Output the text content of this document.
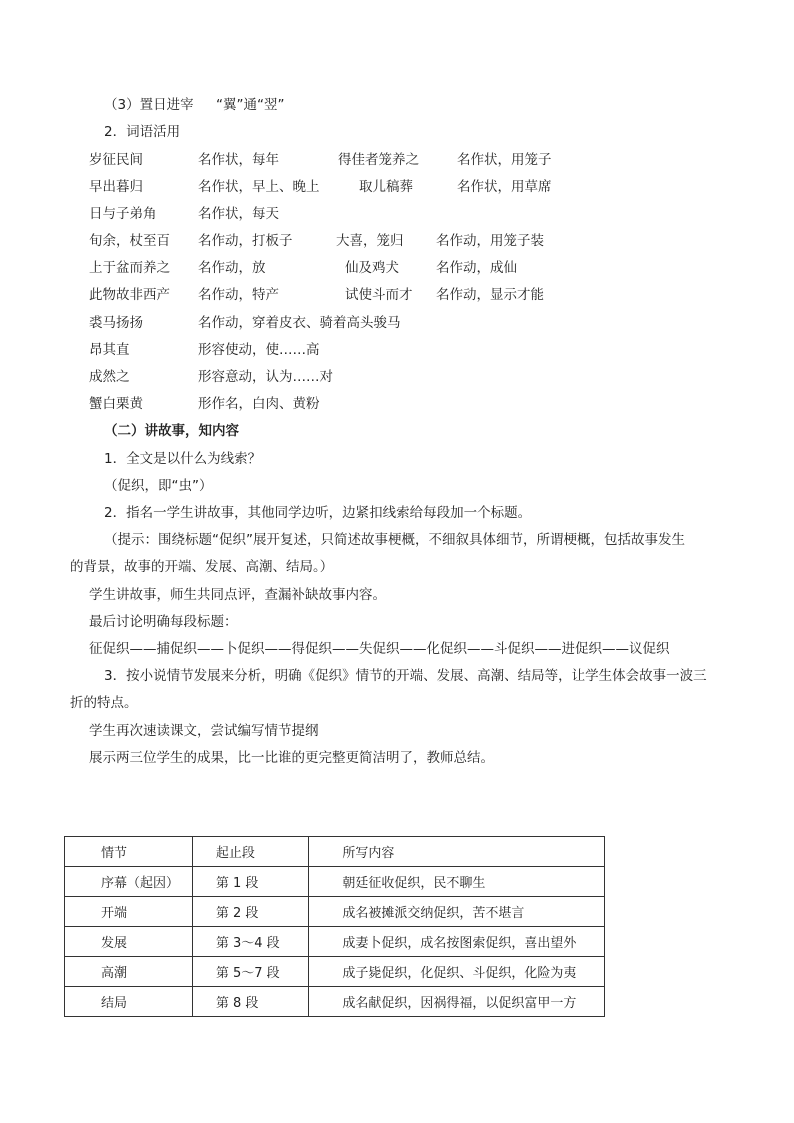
（3）置日进宰 “翼”通“翌”
2．词语活用
岁征民间	名作状，每年	得佳者笼养之	名作状，用笼子
早出暮归	名作状，早上、晚上	取儿稿葬	名作状，用草席
日与子弟角	名作状，每天
旬余，杖至百 名作动，打板子	大喜，笼归 名作动，用笼子装
上于盆而养之 名作动，放	仙及鸡犬	名作动，成仙
此物故非西产 名作动，特产	试使斗而才 名作动，显示才能
裘马扬扬	名作动，穿着皮衣、骑着高头骏马
昂其直	形容使动，使……高
成然之	形容意动，认为……对
蟹白栗黄	形作名，白肉、黄粉
（二）讲故事，知内容
1．全文是以什么为线索？
（促织，即“虫”）
2．指名一学生讲故事，其他同学边听，边紧扣线索给每段加一个标题。
（提示：围绕标题“促织”展开复述，只简述故事梗概，不细叙具体细节，所谓梗概，包括故事发生
的背景，故事的开端、发展、高潮、结局。）
学生讲故事，师生共同点评，查漏补缺故事内容。
最后讨论明确每段标题：
征促织——捕促织——卜促织——得促织——失促织——化促织——斗促织——进促织——议促织
3．按小说情节发展来分析，明确《促织》情节的开端、发展、高潮、结局等，让学生体会故事一波三
折的特点。
学生再次速读课文，尝试编写情节提纲
展示两三位学生的成果，比一比谁的更完整更简洁明了，教师总结。
情节	起止段	所写内容

序幕（起因）	第 1 段	朝廷征收促织，民不聊生

开端	第 2 段	成名被摊派交纳促织，苦不堪言

发展	第 3～4 段	成妻卜促织，成名按图索促织，喜出望外

高潮	第 5～7 段	成子毙促织，化促织、斗促织，化险为夷

结局	第 8 段	成名献促织，因祸得福，以促织富甲一方
